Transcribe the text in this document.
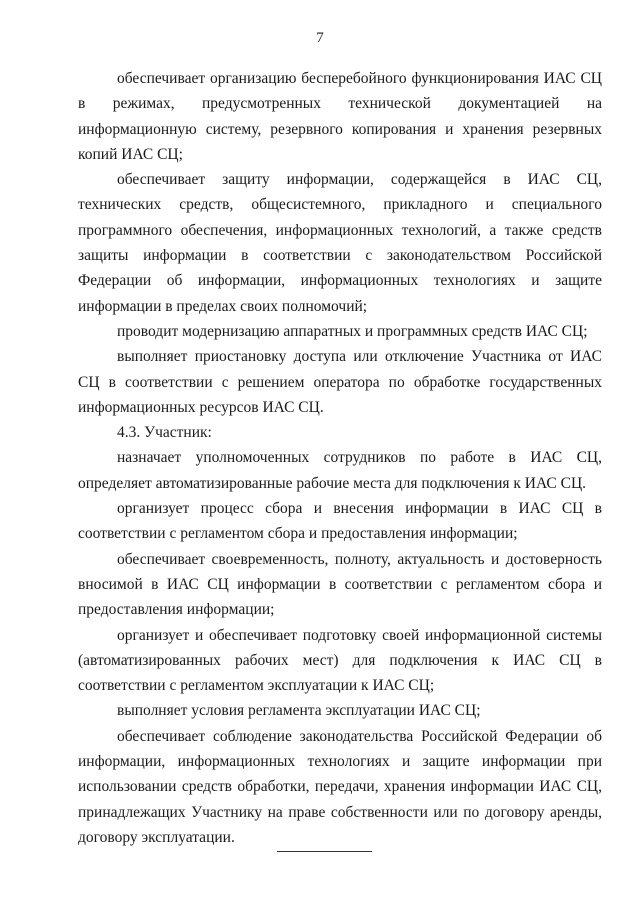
7

обеспечивает организацию бесперебойного функционирования ИАС СЦ в режимах, предусмотренных технической документацией на информационную систему, резервного копирования и хранения резервных копий ИАС СЦ;

обеспечивает защиту информации, содержащейся в ИАС СЦ, технических средств, общесистемного, прикладного и специального программного обеспечения, информационных технологий, а также средств защиты информации в соответствии с законодательством Российской Федерации об информации, информационных технологиях и защите информации в пределах своих полномочий;

проводит модернизацию аппаратных и программных средств ИАС СЦ;

выполняет приостановку доступа или отключение Участника от ИАС СЦ в соответствии с решением оператора по обработке государственных информационных ресурсов ИАС СЦ.

4.3. Участник:

назначает уполномоченных сотрудников по работе в ИАС СЦ, определяет автоматизированные рабочие места для подключения к ИАС СЦ.

организует процесс сбора и внесения информации в ИАС СЦ в соответствии с регламентом сбора и предоставления информации;

обеспечивает своевременность, полноту, актуальность и достоверность вносимой в ИАС СЦ информации в соответствии с регламентом сбора и предоставления информации;

организует и обеспечивает подготовку своей информационной системы (автоматизированных рабочих мест) для подключения к ИАС СЦ в соответствии с регламентом эксплуатации к ИАС СЦ;

выполняет условия регламента эксплуатации ИАС СЦ;

обеспечивает соблюдение законодательства Российской Федерации об информации, информационных технологиях и защите информации при использовании средств обработки, передачи, хранения информации ИАС СЦ, принадлежащих Участнику на праве собственности или по договору аренды, договору эксплуатации.
